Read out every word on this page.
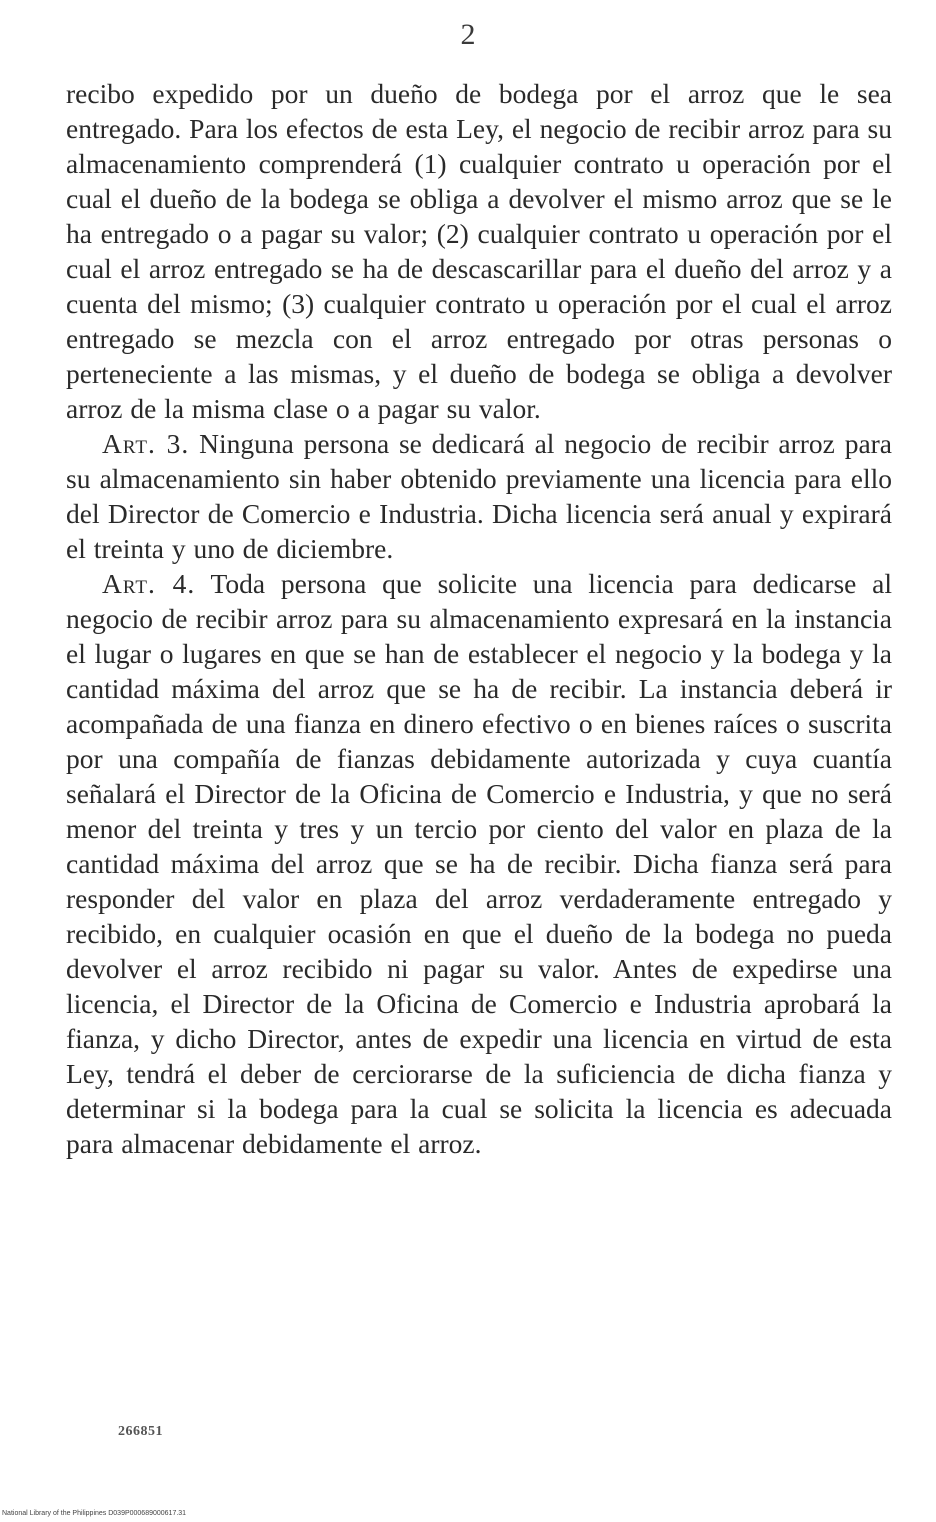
2

recibo expedido por un dueño de bodega por el arroz que le sea entregado. Para los efectos de esta Ley, el negocio de recibir arroz para su almacenamiento comprenderá (1) cualquier contrato u operación por el cual el dueño de la bodega se obliga a devolver el mismo arroz que se le ha entregado o a pagar su valor; (2) cualquier contrato u operación por el cual el arroz entregado se ha de descascarillar para el dueño del arroz y a cuenta del mismo; (3) cualquier contrato u operación por el cual el arroz entregado se mezcla con el arroz entregado por otras personas o perteneciente a las mismas, y el dueño de bodega se obliga a devolver arroz de la misma clase o a pagar su valor.

Art. 3. Ninguna persona se dedicará al negocio de recibir arroz para su almacenamiento sin haber obtenido previamente una licencia para ello del Director de Comercio e Industria. Dicha licencia será anual y expirará el treinta y uno de diciembre.

Art. 4. Toda persona que solicite una licencia para dedicarse al negocio de recibir arroz para su almacenamiento expresará en la instancia el lugar o lugares en que se han de establecer el negocio y la bodega y la cantidad máxima del arroz que se ha de recibir. La instancia deberá ir acompañada de una fianza en dinero efectivo o en bienes raíces o suscrita por una compañía de fianzas debidamente autorizada y cuya cuantía señalará el Director de la Oficina de Comercio e Industria, y que no será menor del treinta y tres y un tercio por ciento del valor en plaza de la cantidad máxima del arroz que se ha de recibir. Dicha fianza será para responder del valor en plaza del arroz verdaderamente entregado y recibido, en cualquier ocasión en que el dueño de la bodega no pueda devolver el arroz recibido ni pagar su valor. Antes de expedirse una licencia, el Director de la Oficina de Comercio e Industria aprobará la fianza, y dicho Director, antes de expedir una licencia en virtud de esta Ley, tendrá el deber de cerciorarse de la suficiencia de dicha fianza y determinar si la bodega para la cual se solicita la licencia es adecuada para almacenar debidamente el arroz.

266851
National Library of the Philippines D039P000689000617.31
